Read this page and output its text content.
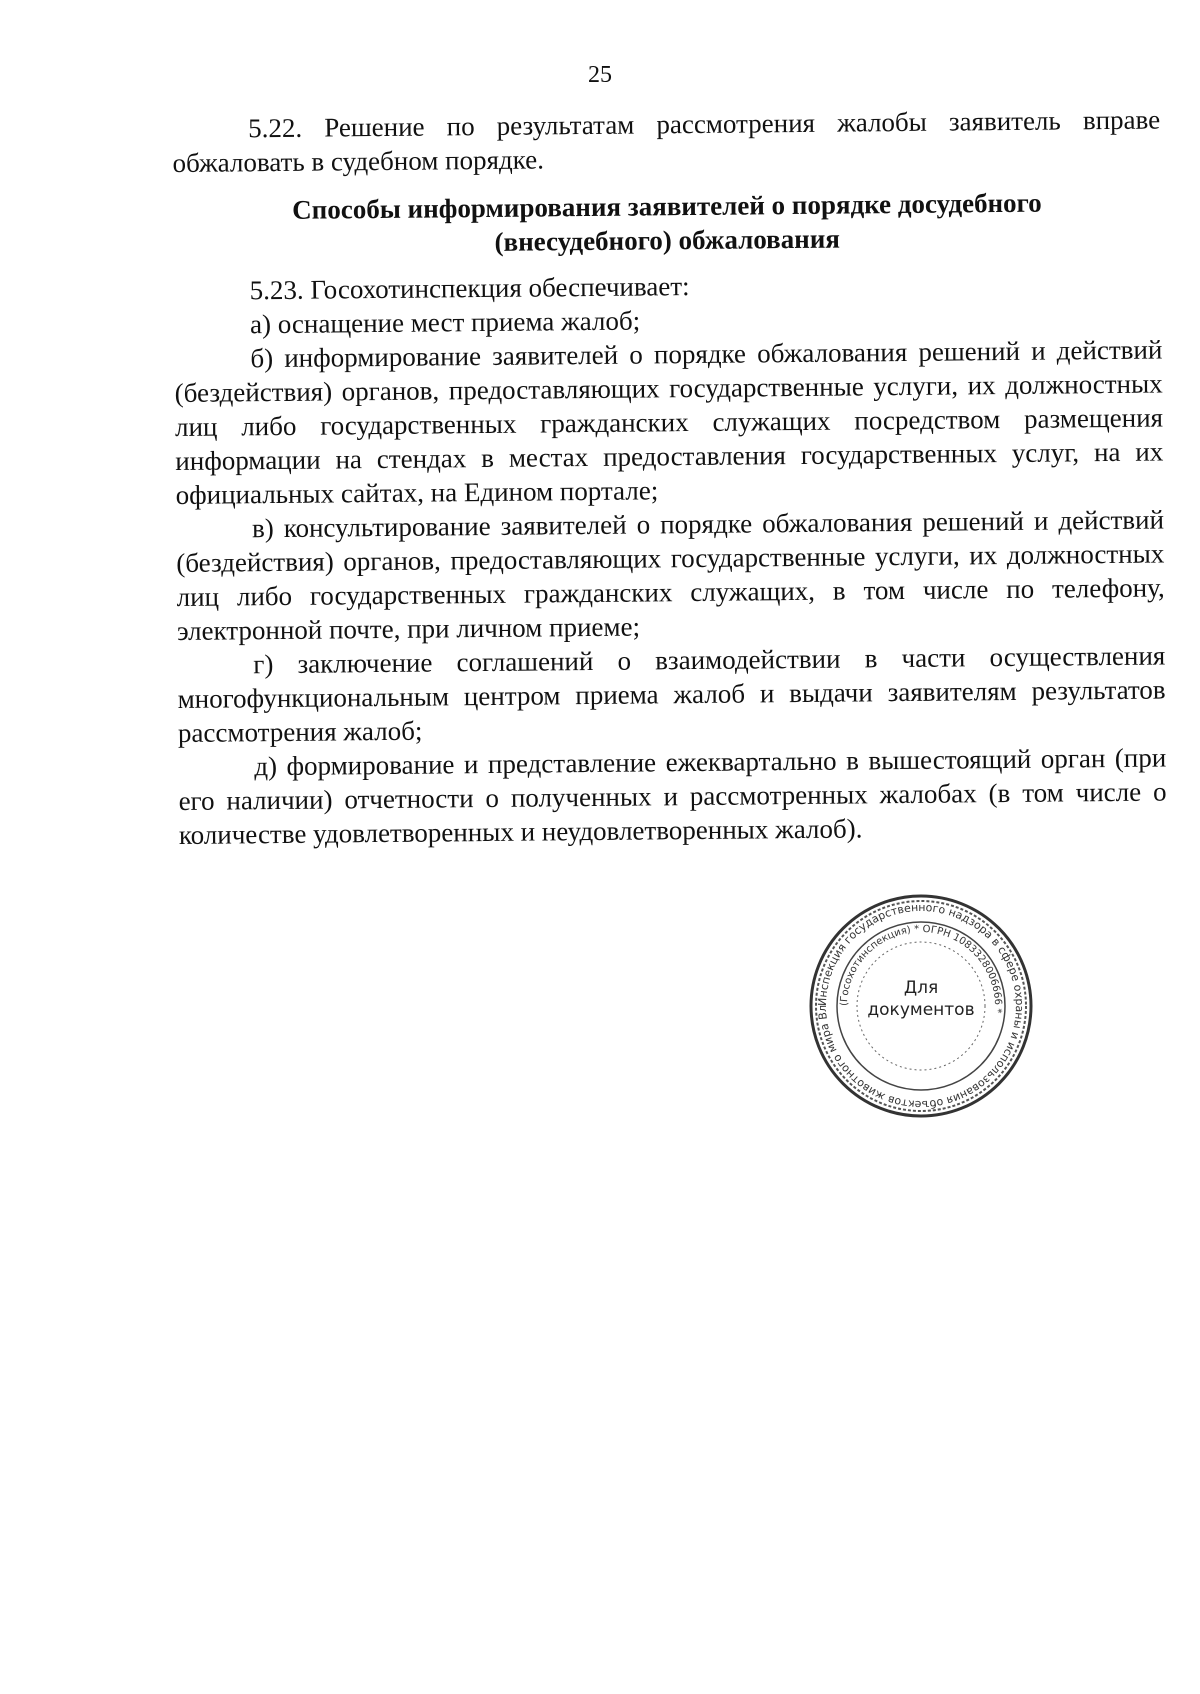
25

5.22. Решение по результатам рассмотрения жалобы заявитель вправе обжаловать в судебном порядке.

Способы информирования заявителей о порядке досудебного
(внесудебного) обжалования

5.23. Госохотинспекция обеспечивает:

а) оснащение мест приема жалоб;

б) информирование заявителей о порядке обжалования решений и действий (бездействия) органов, предоставляющих государственные услуги, их должностных лиц либо государственных гражданских служащих посредством размещения информации на стендах в местах предоставления государственных услуг, на их официальных сайтах, на Едином портале;

в) консультирование заявителей о порядке обжалования решений и действий (бездействия) органов, предоставляющих государственные услуги, их должностных лиц либо государственных гражданских служащих, в том числе по телефону, электронной почте, при личном приеме;

г) заключение соглашений о взаимодействии в части осуществления многофункциональным центром приема жалоб и выдачи заявителям результатов рассмотрения жалоб;

д) формирование и представление ежеквартально в вышестоящий орган (при его наличии) отчетности о полученных и рассмотренных жалобах (в том числе о количестве удовлетворенных и неудовлетворенных жалоб).

Инспекция государственного надзора в сфере охраны и использования объектов животного мира Вл
(Госохотинспекция) * ОГРН 1083328006666 *
Для
документов
